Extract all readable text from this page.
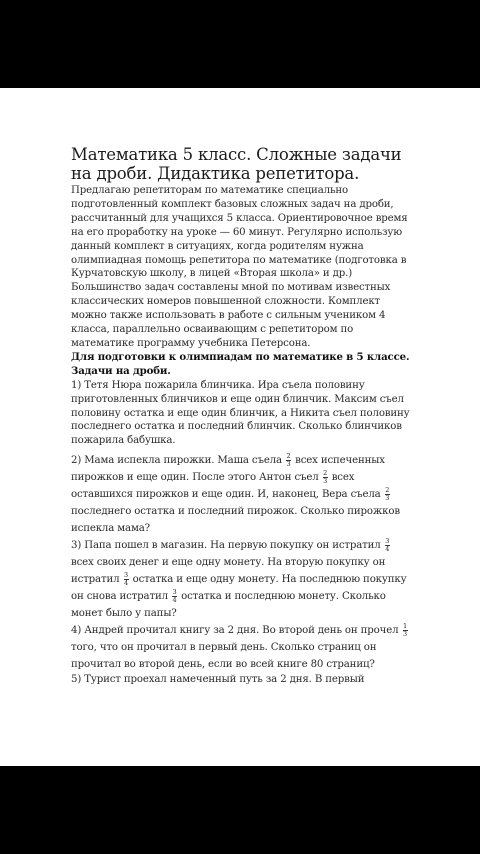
Математика 5 класс. Сложные задачи на дроби. Дидактика репетитора.

Предлагаю репетиторам по математике специально подготовленный комплект базовых сложных задач на дроби, рассчитанный для учащихся 5 класса. Ориентировочное время на его проработку на уроке — 60 минут. Регулярно использую данный комплект в ситуациях, когда родителям нужна олимпиадная помощь репетитора по математике (подготовка в Курчатовскую школу, в лицей «Вторая школа» и др.) Большинство задач составлены мной по мотивам известных классических номеров повышенной сложности. Комплект можно также использовать в работе с сильным учеником 4 класса, параллельно осваивающим с репетитором по математике программу учебника Петерсона.

Для подготовки к олимпиадам по математике в 5 классе. Задачи на дроби.

1) Тетя Нюра пожарила блинчика. Ира съела половину приготовленных блинчиков и еще один блинчик. Максим съел половину остатка и еще один блинчик, а Никита съел половину последнего остатка и последний блинчик. Сколько блинчиков пожарила бабушка.

2) Мама испекла пирожки. Маша съела $\frac{2}{3}$ всех испеченных пирожков и еще один. После этого Антон съел $\frac{2}{3}$ всех оставшихся пирожков и еще один. И, наконец, Вера съела $\frac{2}{3}$
последнего остатка и последний пирожок. Сколько пирожков испекла мама?

3) Папа пошел в магазин. На первую покупку он истратил $\frac{3}{4}$
всех своих денег и еще одну монету. На вторую покупку он истратил $\frac{3}{4}$ остатка и еще одну монету. На последнюю покупку он снова истратил $\frac{3}{4}$ остатка и последнюю монету. Сколько монет было у папы?

4) Андрей прочитал книгу за 2 дня. Во второй день он прочел $\frac{1}{3}$
того, что он прочитал в первый день. Сколько страниц он прочитал во второй день, если во всей книге 80 страниц?

5) Турист проехал намеченный путь за 2 дня. В первый
